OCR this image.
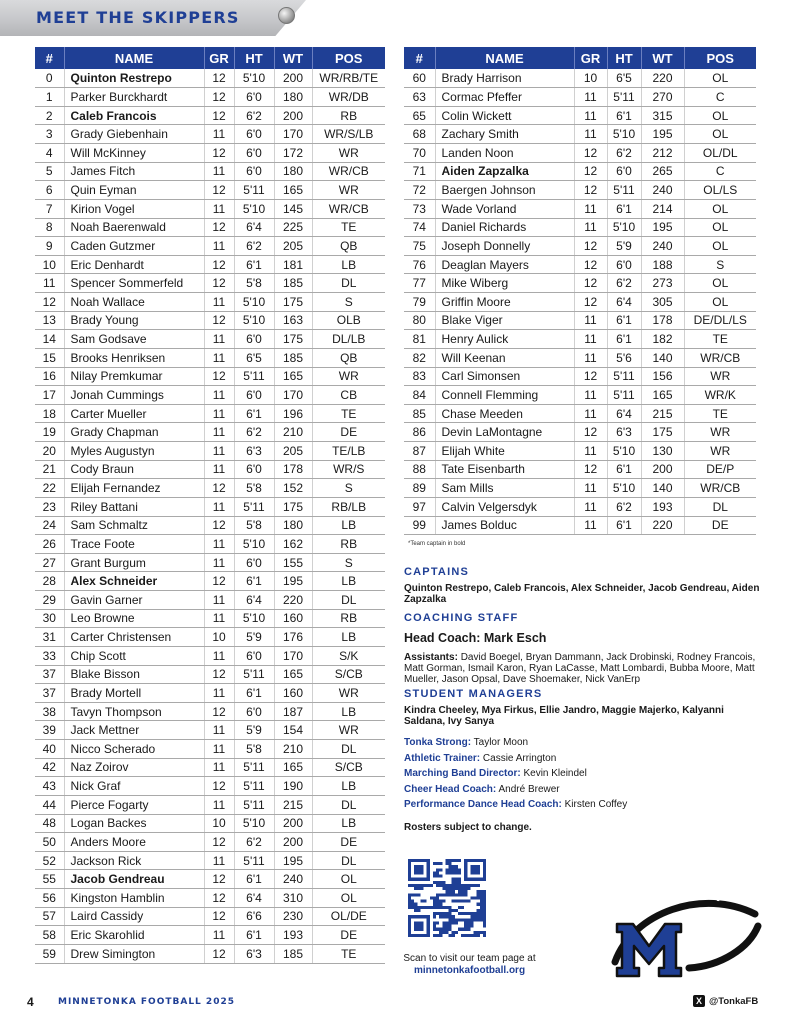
MEET THE SKIPPERS
#	NAME	GR	HT	WT	POS
0	Quinton Restrepo	12	5'10	200	WR/RB/TE
1	Parker Burckhardt	12	6'0	180	WR/DB
2	Caleb Francois	12	6'2	200	RB
3	Grady Giebenhain	11	6'0	170	WR/S/LB
4	Will McKinney	12	6'0	172	WR
5	James Fitch	11	6'0	180	WR/CB
6	Quin Eyman	12	5'11	165	WR
7	Kirion Vogel	11	5'10	145	WR/CB
8	Noah Baerenwald	12	6'4	225	TE
9	Caden Gutzmer	11	6'2	205	QB
10	Eric Denhardt	12	6'1	181	LB
11	Spencer Sommerfeld	12	5'8	185	DL
12	Noah Wallace	11	5'10	175	S
13	Brady Young	12	5'10	163	OLB
14	Sam Godsave	11	6'0	175	DL/LB
15	Brooks Henriksen	11	6'5	185	QB
16	Nilay Premkumar	12	5'11	165	WR
17	Jonah Cummings	11	6'0	170	CB
18	Carter Mueller	11	6'1	196	TE
19	Grady Chapman	11	6'2	210	DE
20	Myles Augustyn	11	6'3	205	TE/LB
21	Cody Braun	11	6'0	178	WR/S
22	Elijah Fernandez	12	5'8	152	S
23	Riley Battani	11	5'11	175	RB/LB
24	Sam Schmaltz	12	5'8	180	LB
26	Trace Foote	11	5'10	162	RB
27	Grant Burgum	11	6'0	155	S
28	Alex Schneider	12	6'1	195	LB
29	Gavin Garner	11	6'4	220	DL
30	Leo Browne	11	5'10	160	RB
31	Carter Christensen	10	5'9	176	LB
33	Chip Scott	11	6'0	170	S/K
37	Blake Bisson	12	5'11	165	S/CB
37	Brady Mortell	11	6'1	160	WR
38	Tavyn Thompson	12	6'0	187	LB
39	Jack Mettner	11	5'9	154	WR
40	Nicco Scherado	11	5'8	210	DL
42	Naz Zoirov	11	5'11	165	S/CB
43	Nick Graf	12	5'11	190	LB
44	Pierce Fogarty	11	5'11	215	DL
48	Logan Backes	10	5'10	200	LB
50	Anders Moore	12	6'2	200	DE
52	Jackson Rick	11	5'11	195	DL
55	Jacob Gendreau	12	6'1	240	OL
56	Kingston Hamblin	12	6'4	310	OL
57	Laird Cassidy	12	6'6	230	OL/DE
58	Eric Skarohlid	11	6'1	193	DE
59	Drew Simington	12	6'3	185	TE
#	NAME	GR	HT	WT	POS
60	Brady Harrison	10	6'5	220	OL
63	Cormac Pfeffer	11	5'11	270	C
65	Colin Wickett	11	6'1	315	OL
68	Zachary Smith	11	5'10	195	OL
70	Landen Noon	12	6'2	212	OL/DL
71	Aiden Zapzalka	12	6'0	265	C
72	Baergen Johnson	12	5'11	240	OL/LS
73	Wade Vorland	11	6'1	214	OL
74	Daniel Richards	11	5'10	195	OL
75	Joseph Donnelly	12	5'9	240	OL
76	Deaglan Mayers	12	6'0	188	S
77	Mike Wiberg	12	6'2	273	OL
79	Griffin Moore	12	6'4	305	OL
80	Blake Viger	11	6'1	178	DE/DL/LS
81	Henry Aulick	11	6'1	182	TE
82	Will Keenan	11	5'6	140	WR/CB
83	Carl Simonsen	12	5'11	156	WR
84	Connell Flemming	11	5'11	165	WR/K
85	Chase Meeden	11	6'4	215	TE
86	Devin LaMontagne	12	6'3	175	WR
87	Elijah White	11	5'10	130	WR
88	Tate Eisenbarth	12	6'1	200	DE/P
89	Sam Mills	11	5'10	140	WR/CB
97	Calvin Velgersdyk	11	6'2	193	DL
99	James Bolduc	11	6'1	220	DE
*Team captain in bold
CAPTAINS
Quinton Restrepo, Caleb Francois, Alex Schneider, Jacob Gendreau, Aiden Zapzalka
COACHING STAFF
Head Coach: Mark Esch
Assistants: David Boegel, Bryan Dammann, Jack Drobinski, Rodney Francois, Matt Gorman, Ismail Karon, Ryan LaCasse, Matt Lombardi, Bubba Moore, Matt Mueller, Jason Opsal, Dave Shoemaker, Nick VanErp
STUDENT MANAGERS
Kindra Cheeley, Mya Firkus, Ellie Jandro, Maggie Majerko, Kalyanni Saldana, Ivy Sanya
Tonka Strong: Taylor Moon
Athletic Trainer: Cassie Arrington
Marching Band Director: Kevin Kleindel
Cheer Head Coach: André Brewer
Performance Dance Head Coach: Kirsten Coffey
Rosters subject to change.
Scan to visit our team page at
minnetonkafootball.org
4	MINNETONKA FOOTBALL 2025	X @TonkaFB
